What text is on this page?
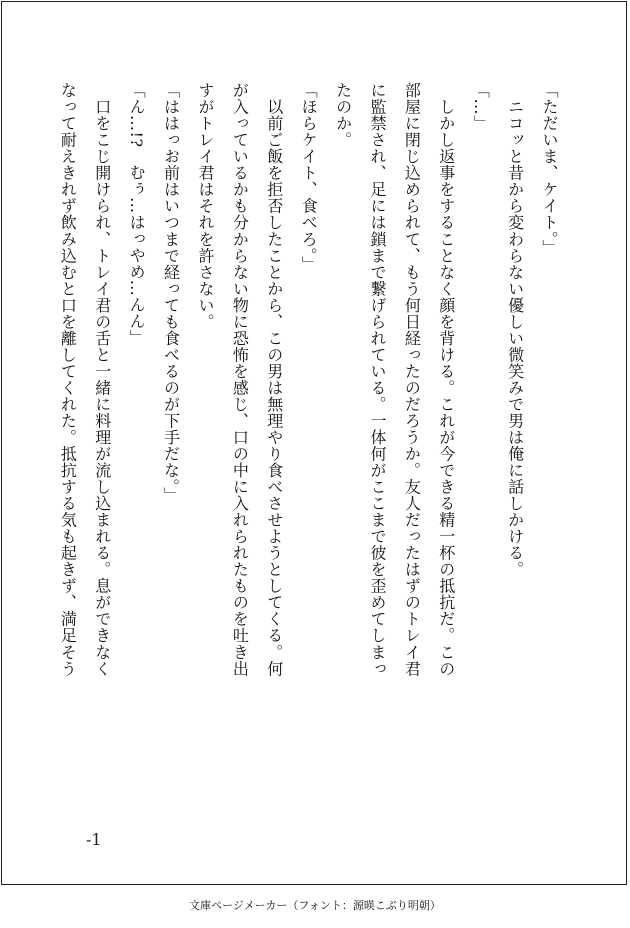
「ただいま、ケイト。」

　ニコッと昔から変わらない優しい微笑みで男は俺に話しかける。

「…」

　しかし返事をすることなく顔を背ける。これが今できる精一杯の抵抗だ。この

部屋に閉じ込められて、もう何日経ったのだろうか。友人だったはずのトレイ君

に監禁され、足には鎖まで繋げられている。一体何がここまで彼を歪めてしまっ

たのか。

「ほらケイト、食べろ。」

　以前ご飯を拒否したことから、この男は無理やり食べさせようとしてくる。何

が入っているかも分からない物に恐怖を感じ、口の中に入れられたものを吐き出

すがトレイ君はそれを許さない。

「ははっお前はいつまで経っても食べるのが下手だな。」

「ん…!?　むぅ…はっやめ…んん」

　口をこじ開けられ、トレイ君の舌と一緒に料理が流し込まれる。息ができなく

なって耐えきれず飲み込むと口を離してくれた。抵抗する気も起きず、満足そう

-1
文庫ページメーカー（フォント：源暎こぶり明朝）
